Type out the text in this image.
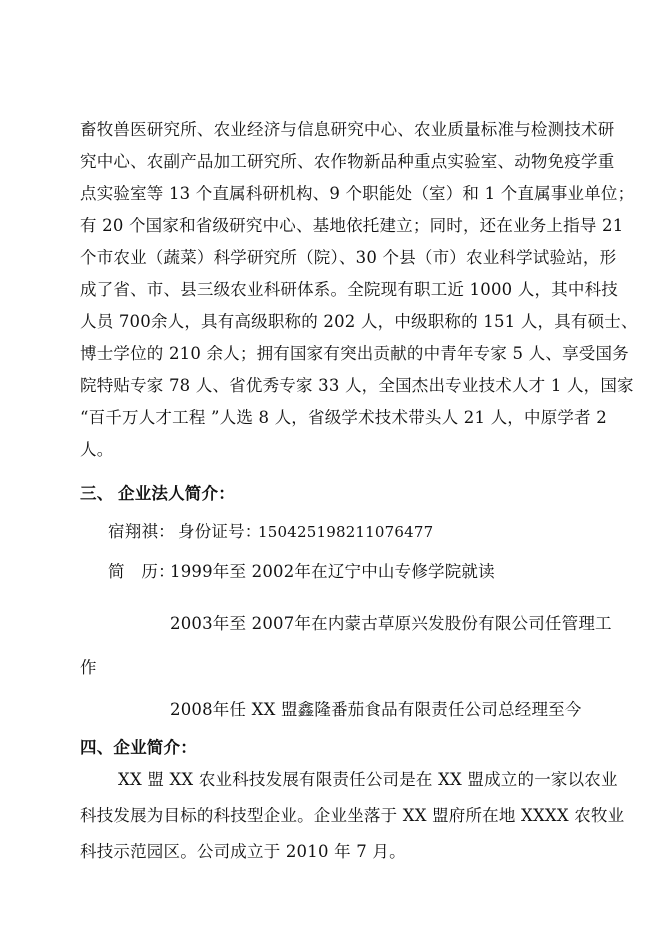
畜牧兽医研究所、农业经济与信息研究中心、农业质量标准与检测技术研
究中心、农副产品加工研究所、农作物新品种重点实验室、动物免疫学重
点实验室等 13 个直属科研机构、9 个职能处（室）和 1 个直属事业单位；
有 20 个国家和省级研究中心、基地依托建立；同时，还在业务上指导 21
个市农业（蔬菜）科学研究所（院）、30 个县（市）农业科学试验站，形
成了省、市、县三级农业科研体系。全院现有职工近 1000 人，其中科技
人员 700余人，具有高级职称的 202 人，中级职称的 151 人，具有硕士、
博士学位的 210 余人；拥有国家有突出贡献的中青年专家 5 人、享受国务
院特贴专家 78 人、省优秀专家 33 人，全国杰出专业技术人才 1 人，国家
“百千万人才工程 ”人选 8 人，省级学术技术带头人 21 人，中原学者 2
人。
三、 企业法人简介：
宿翔祺： 身份证号：
150425198211076477
简　历：
1999年至 2002年在辽宁中山专修学院就读
2003年至 2007年在内蒙古草原兴发股份有限公司任管理工
作
2008年任 XX 盟鑫隆番茄食品有限责任公司总经理至今
四、企业简介：
XX 盟 XX 农业科技发展有限责任公司是在 XX 盟成立的一家以农业
科技发展为目标的科技型企业。企业坐落于 XX 盟府所在地 XXXX 农牧业
科技示范园区。公司成立于 2010 年 7 月。
